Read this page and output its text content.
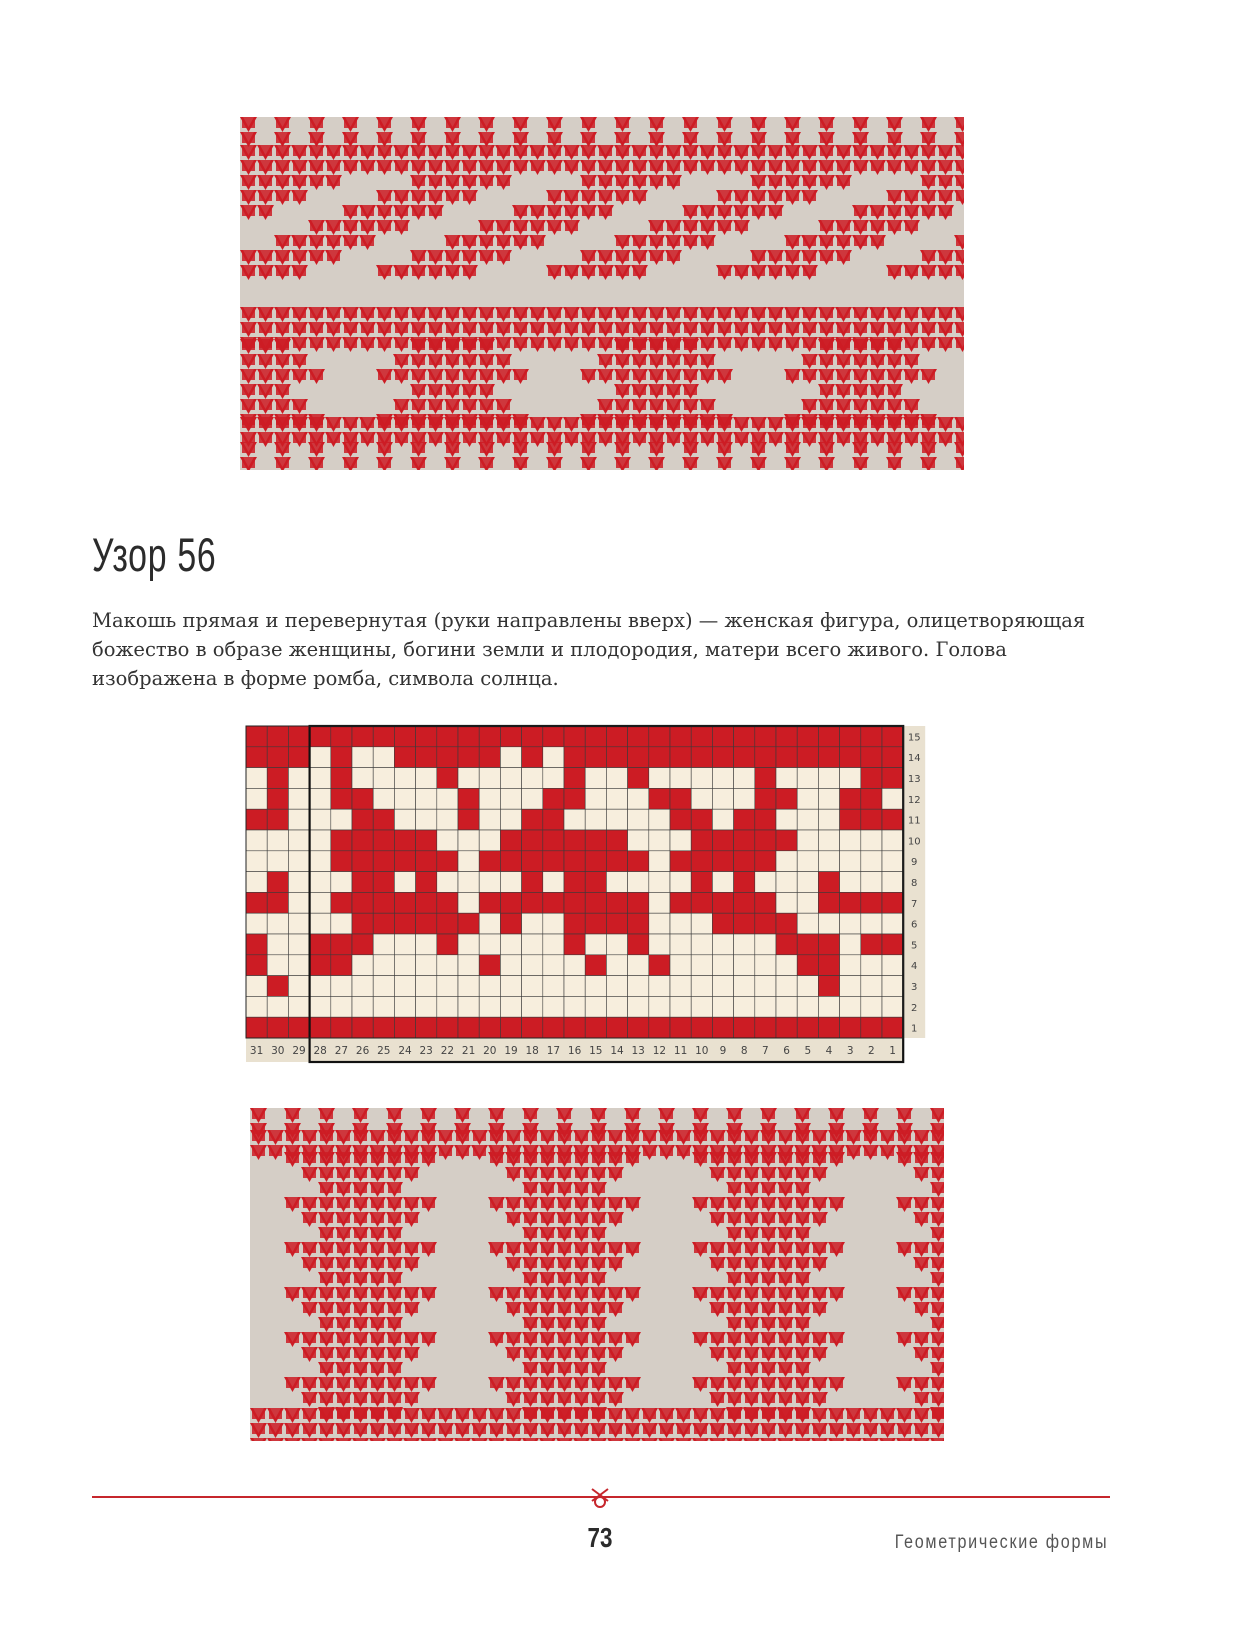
Узор 56

Макошь прямая и перевернутая (руки направлены вверх) — женская фигура, олицетворяющая божество в образе женщины, богини земли и плодородия, матери всего живого. Голова изображена в форме ромба, символа солнца.

15
14
13
12
11
10
9
8
7
6
5
4
3
2
1
31 30 29 28 27 26 25 24 23 22 21 20 19 18 17 16 15 14 13 12 11 10 9 8 7 6 5 4 3 2 1
73	Геометрические формы
